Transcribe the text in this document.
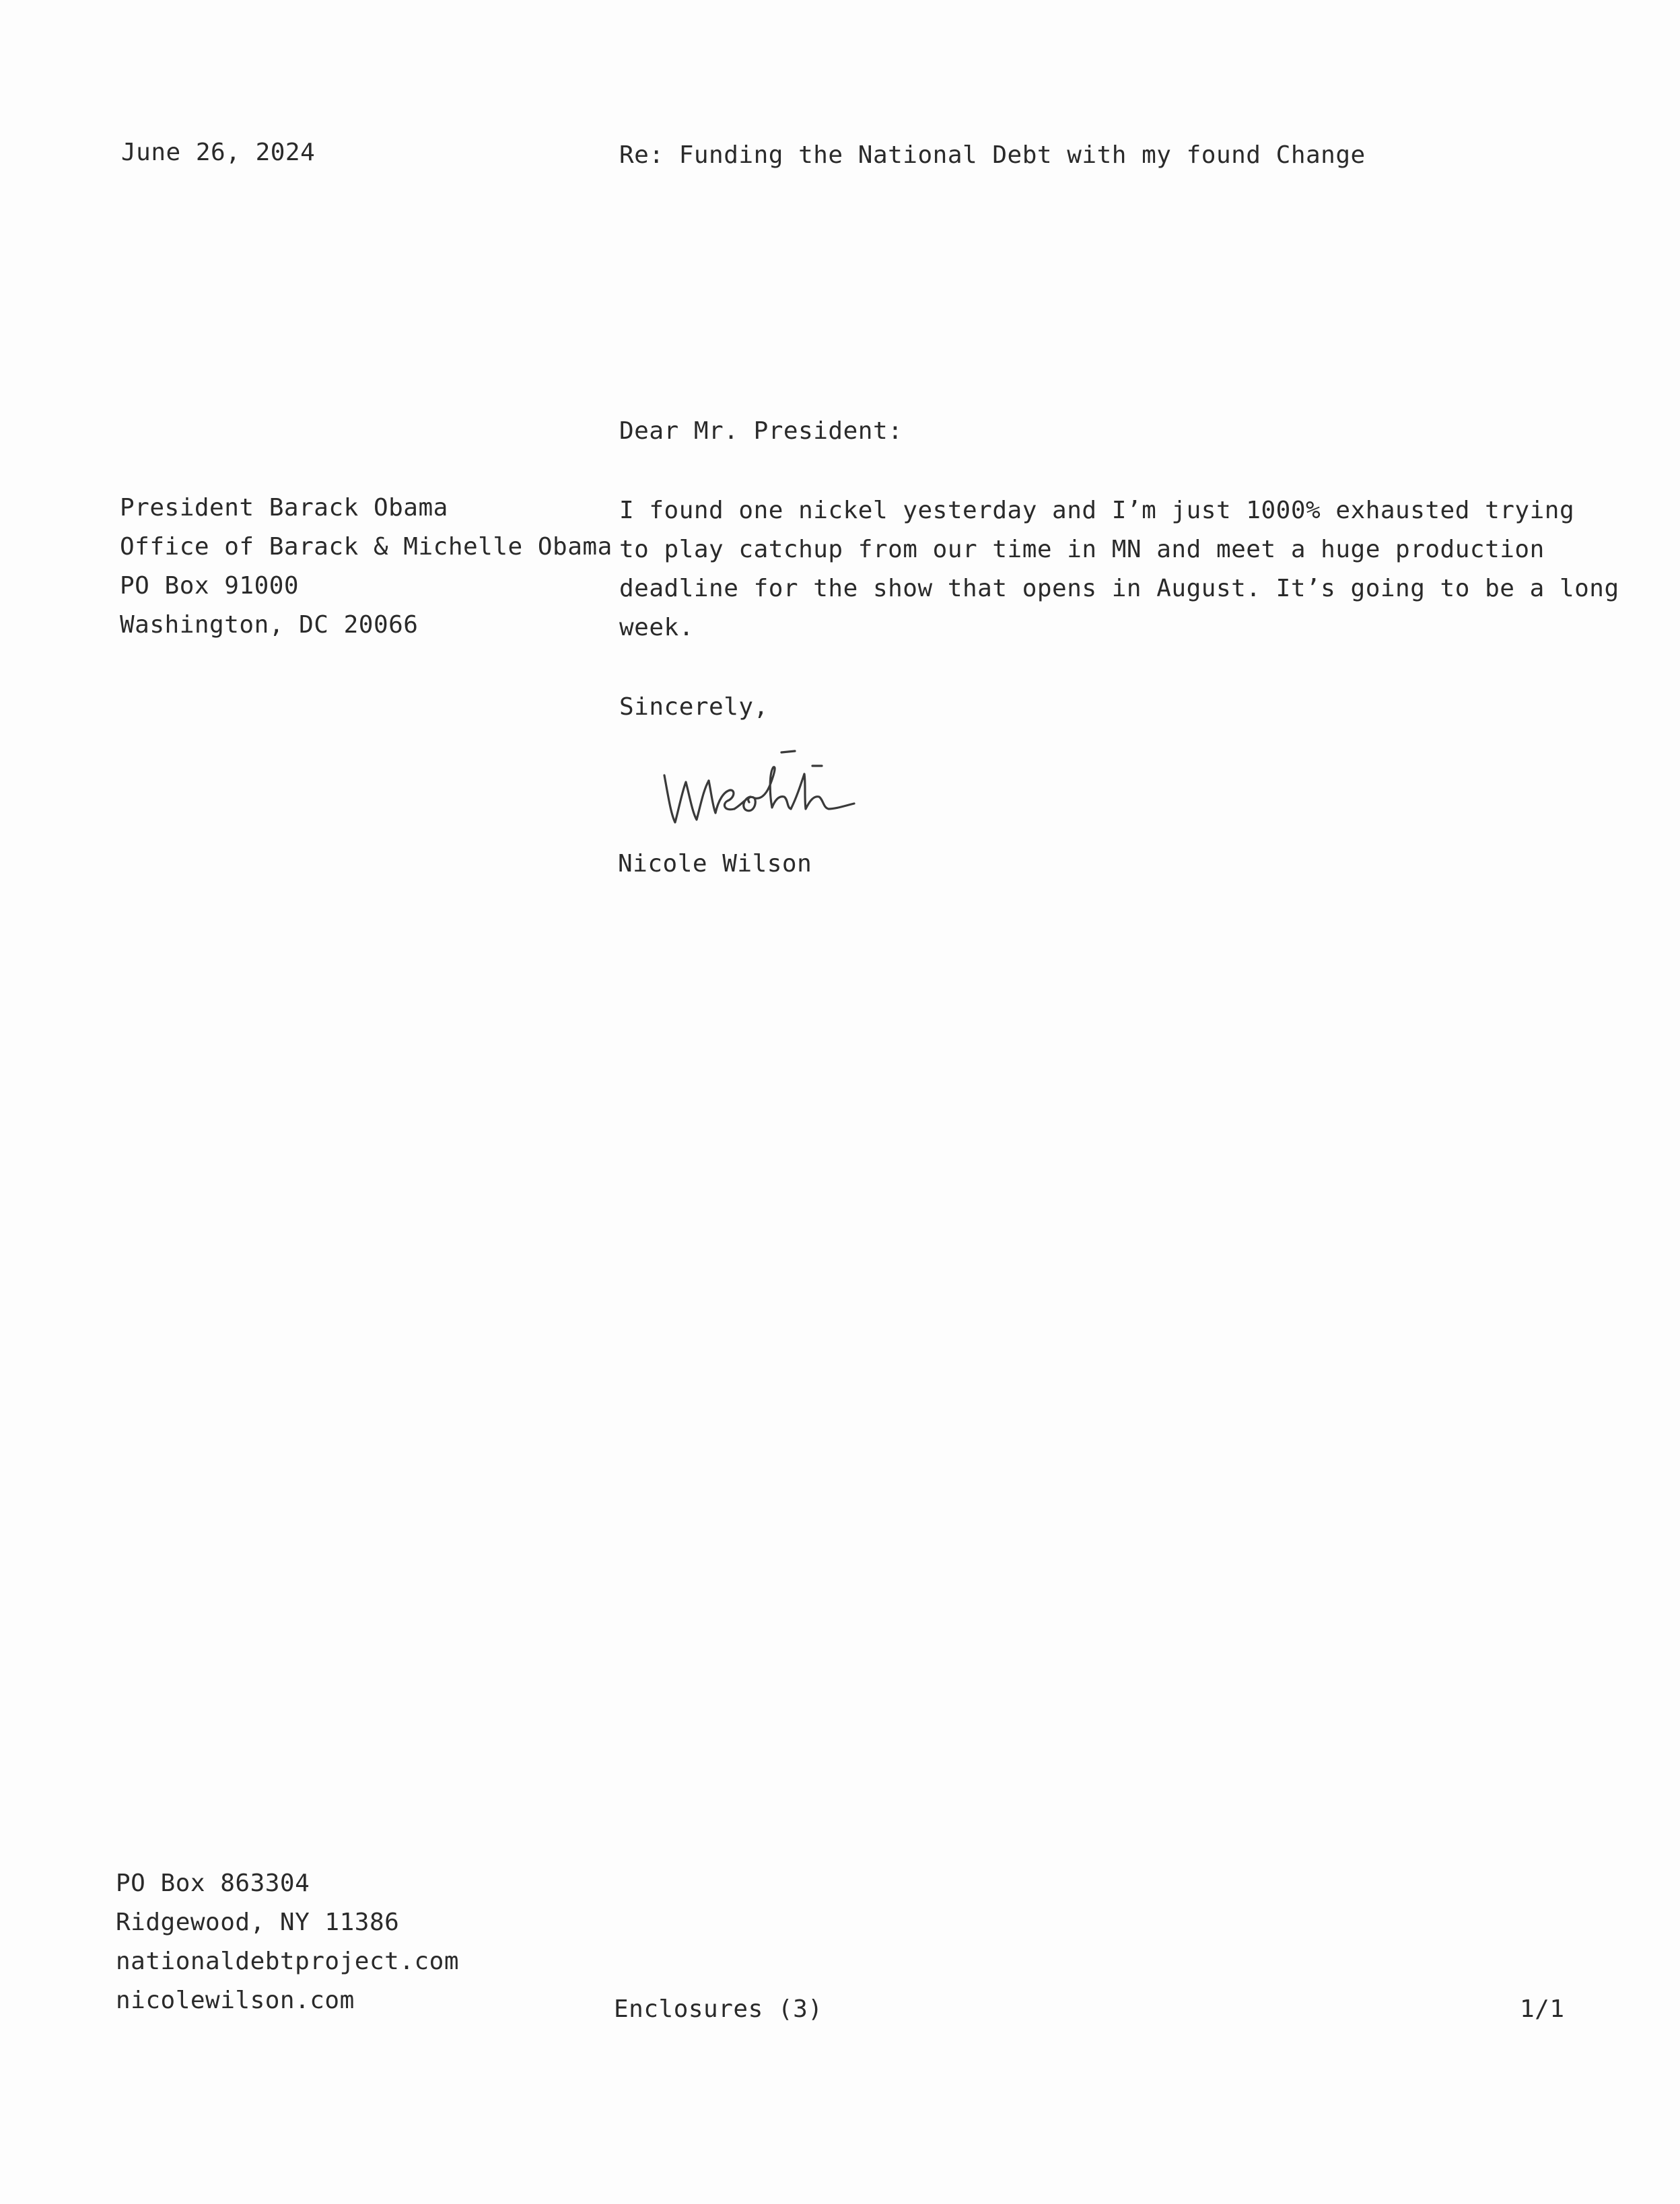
June 26, 2024	Re: Funding the National Debt with my found Change
Dear Mr. President:
President Barack Obama
Office of Barack & Michelle Obama
PO Box 91000
Washington, DC 20066
I found one nickel yesterday and I’m just 1000% exhausted trying
to play catchup from our time in MN and meet a huge production
deadline for the show that opens in August. It’s going to be a long
week.
Sincerely,
Nicole Wilson
PO Box 863304
Ridgewood, NY 11386
nationaldebtproject.com
nicolewilson.com	Enclosures (3)	1/1
